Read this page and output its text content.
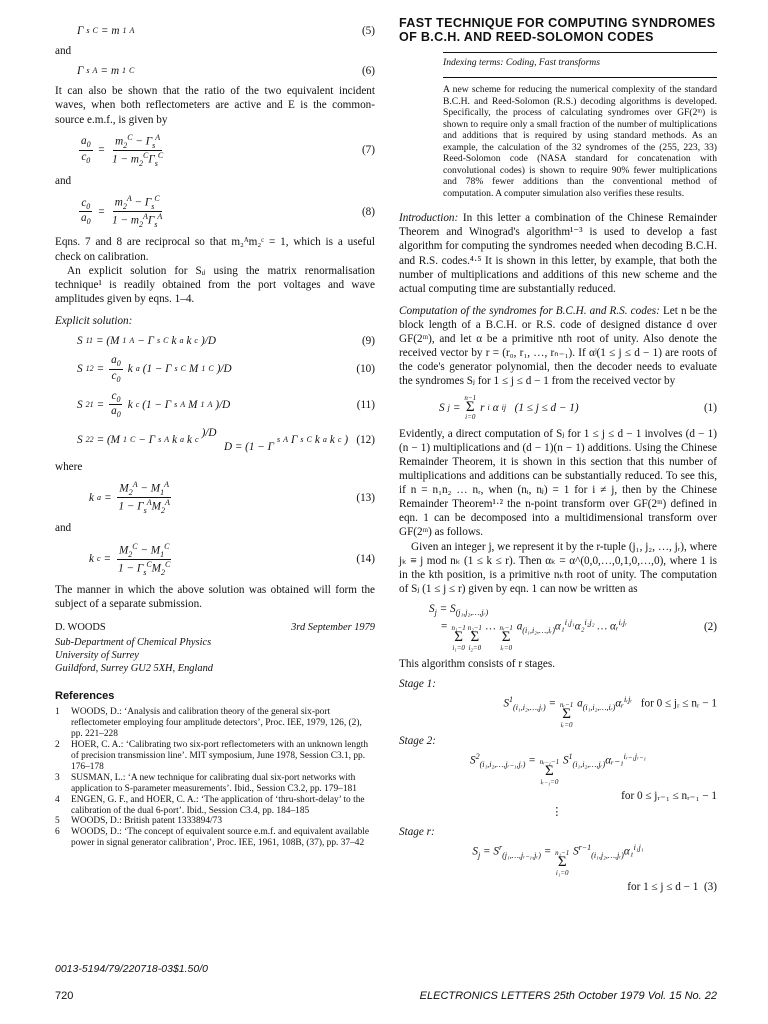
Γ s C = m 1 A	(5)
and
Γ s A = m 1 C	(6)

It can also be shown that the ratio of the two equivalent incident waves, when both reflectometers are active and E is the common-source e.m.f., is given by

$\frac{a_0}{c_0} = \frac{m_2^C - \Gamma_s^A}{1 - m_2^C\Gamma_s^C}$	(7)
and
$\frac{c_0}{a_0} = \frac{m_2^A - \Gamma_s^C}{1 - m_2^A\Gamma_s^A}$	(8)

Eqns. 7 and 8 are reciprocal so that m₂ᴬm₂ᶜ = 1, which is a useful check on calibration.

An explicit solution for Sᵢⱼ using the matrix renormalisation technique¹ is readily obtained from the port voltages and wave amplitudes given by eqns. 1–4.

Explicit solution:
S 11 = (M 1 A − Γ s C k a k c )/D	(9)
S $12 = \frac{a_0}{c_0}$ k a (1 − Γ s C M 1 C )/D	(10)
S $21 = \frac{c_0}{a_0}$ k c (1 − Γ s A M 1 A )/D	(11)
S 22 = (M 1 C − Γ s A k a k c
)/D
D = (1 − Γ
s A Γ s C k a k c ) (12)
where
k $a = \frac{M_2^A - M_1^A}{1 - \Gamma_s^AM_2^A}$	(13)
and
k $c = \frac{M_2^C - M_1^C}{1 - \Gamma_s^CM_2^C}$	(14)

The manner in which the above solution was obtained will form the subject of a separate submission.

D. WOODS	3rd September 1979
Sub-Department of Chemical Physics
University of Surrey
Guildford, Surrey GU2 5XH, England
References
1	WOODS, D.: ‘Analysis and calibration theory of the general six-port reflectometer employing four amplitude detectors’, Proc. IEE, 1979, 126, (2), pp. 221–228
2	HOER, C. A.: ‘Calibrating two six-port reflectometers with an unknown length of precision transmission line’. MIT symposium, June 1978, Session C3.1, pp. 176–178
3	SUSMAN, L.: ‘A new technique for calibrating dual six-port networks with application to S-parameter measurements’. Ibid., Session C3.2, pp. 179–181
4	ENGEN, G. F., and HOER, C. A.: ‘The application of ‘thru-short-delay’ to the calibration of the dual 6-port’. Ibid., Session C3.4, pp. 184–185
5	WOODS, D.: British patent 1333894/73
6	WOODS, D.: ‘The concept of equivalent source e.m.f. and equivalent available power in signal generator calibration’, Proc. IEE, 1961, 108B, (37), pp. 37–42
0013-5194/79/220718-03$1.50/0
FAST TECHNIQUE FOR COMPUTING SYNDROMES OF B.C.H. AND REED-SOLOMON CODES
Indexing terms: Coding, Fast transforms
A new scheme for reducing the numerical complexity of the standard B.C.H. and Reed-Solomon (R.S.) decoding algorithms is developed. Specifically, the process of calculating syndromes over GF(2ᵐ) is shown to require only a small fraction of the number of multiplications and additions that is required by using standard methods. As an example, the calculation of the 32 syndromes of the (255, 223, 33) Reed-Solomon code (NASA standard for concatenation with convolutional codes) is shown to require 90% fewer multiplications and 78% fewer additions than the conventional method of computation. A computer simulation also verifies these results.

Introduction: In this letter a combination of the Chinese Remainder Theorem and Winograd's algorithm¹⁻³ is used to develop a fast algorithm for computing the syndromes needed when decoding B.C.H. and R.S. codes.⁴·⁵ It is shown in this letter, by example, that both the number of multiplications and additions of this new scheme and the actual computing time are substantially reduced.

Computation of the syndromes for B.C.H. and R.S. codes: Let n be the block length of a B.C.H. or R.S. code of designed distance d over GF(2ᵐ), and let α be a primitive nth root of unity. Also denote the received vector by r = (r₀, r₁, …, rₙ₋₁). If αʲ(1 ≤ j ≤ d − 1) are roots of the code's generator polynomial, then the decoder needs to evaluate the syndromes Sⱼ for 1 ≤ j ≤ d − 1 from the received vector by

S j =
n−1
Σ
i=0
r i α ij (1 ≤ j ≤ d − 1)	(1)

Evidently, a direct computation of Sⱼ for 1 ≤ j ≤ d − 1 involves (d − 1)(n − 1) multiplications and (d − 1)(n − 1) additions. Using the Chinese Remainder Theorem, it is shown in this section that this number of multiplications and additions can be substantially reduced. To see this, if n = n₁n₂ … nᵣ, when (nᵢ, nⱼ) = 1 for i ≠ j, then by the Chinese Remainder Theorem¹·² the n-point transform over GF(2ᵐ) defined in eqn. 1 can be decomposed into a multidimensional transform over GF(2ᵐ) as follows.

Given an integer j, we represent it by the r-tuple (j₁, j₂, …, jᵣ), where jₖ ≡ j mod nₖ (1 ≤ k ≤ r). Then αₖ = α^(0,0,…,0,1,0,…,0), where 1 is in the kth position, is a primitive nₖth root of unity. The computation of Sⱼ (1 ≤ j ≤ r) given by eqn. 1 can now be written as

$S_j = S_{(j_1,j_2,\dots,jᵣ)}$
= n₁−1
Σ
i₁=0
n₂−1
Σ
i₂=0
… nᵣ−1
Σ
iᵣ=0
$a_{(i_1,i_2,\dots,iᵣ)}\alpha_1^{i_1j_1}\alpha_2^{i_2j_2}$ … αᵣ$^{iᵣjᵣ}$	(2)

This algorithm consists of r stages.

Stage 1:
$S^1_{(i_1,i_2,\dots,jᵣ)}$ = nᵣ−1
Σ
iᵣ=0
$a_{(i_1,i_2,\dots,iᵣ)}\alpha ᵣ^{iᵣjᵣ}$ for 0 ≤ jᵣ ≤ nᵣ − 1
Stage 2:
$S^2_{(i_1,i_2,\dots,jᵣ_{-1},jᵣ)}$ = nᵣ₋₁−1
Σ
iᵣ₋₁=0
$S^1_{(i_1,i_2,\dots,jᵣ)}\alpha ᵣ_{-1}^{iᵣ_{-1}jᵣ_{-1}}$
for 0 ≤ jᵣ₋₁ ≤ nᵣ₋₁ − 1
⋮
Stage r:
$S_j = S^r_{(j_1,\dots,jᵣ_{-1},jᵣ)} = n_1-1$
Σ
i₁=0
$S^{r-1}_{(i_1,j_2,\dots,jᵣ)}\alpha_1^{i_1j_1}$
for 1 ≤ j ≤ d − 1
(3)
720	ELECTRONICS LETTERS 25th October 1979 Vol. 15 No. 22
